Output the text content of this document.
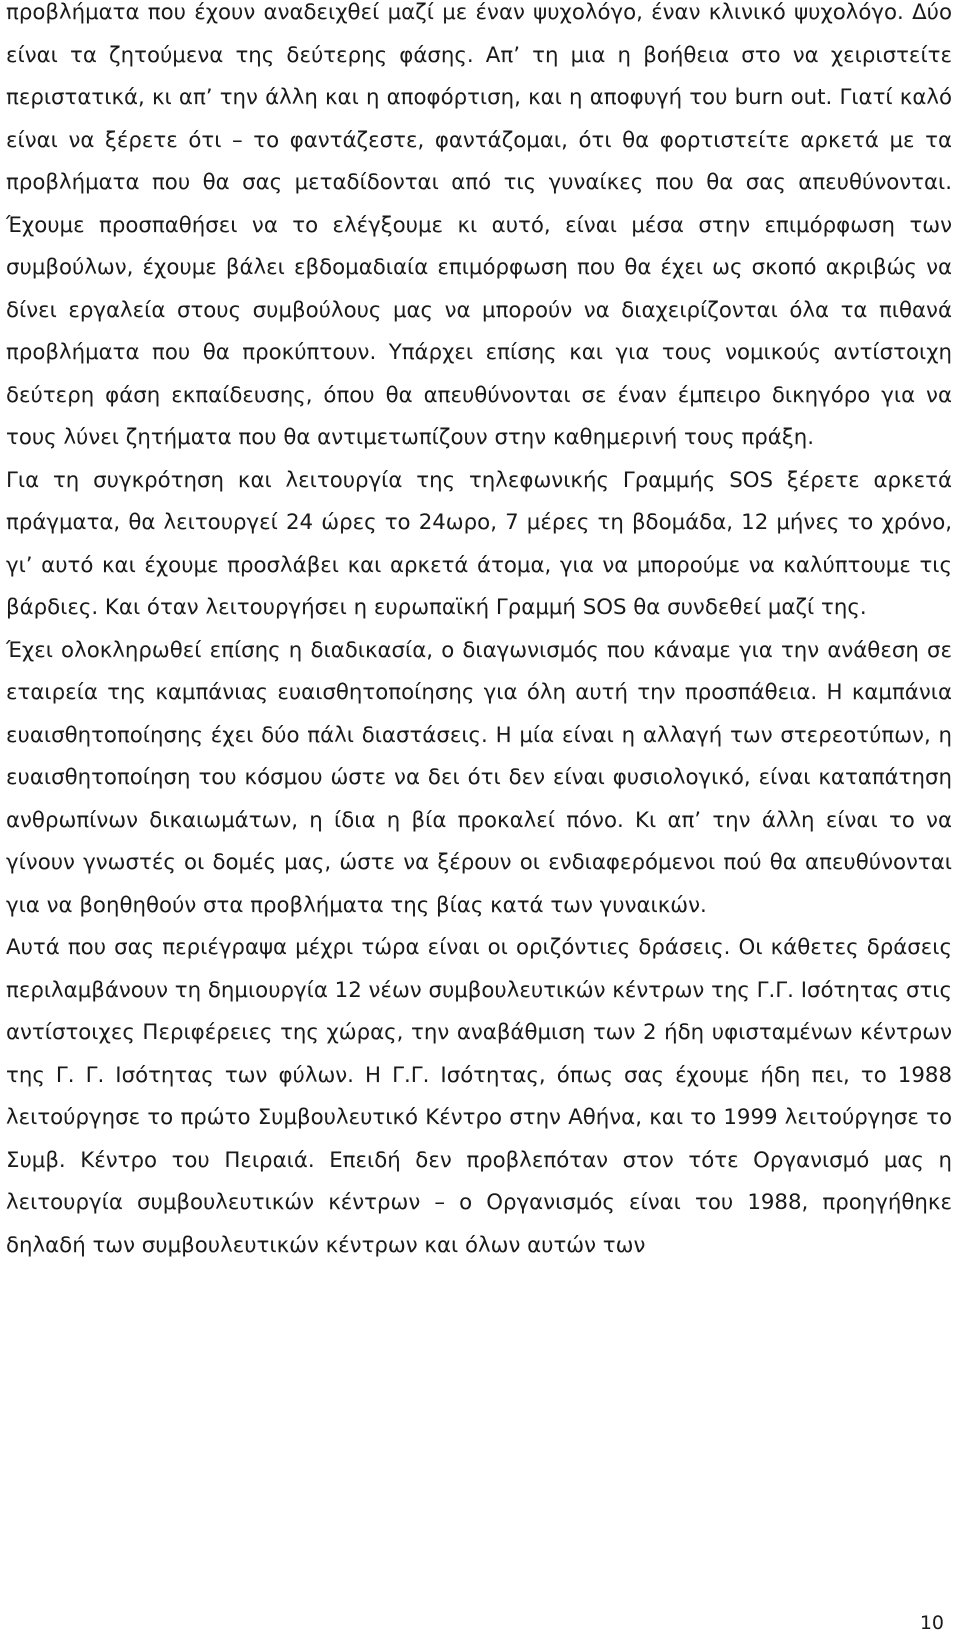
προβλήματα που έχουν αναδειχθεί μαζί με έναν ψυχολόγο, έναν κλινικό ψυχολόγο. Δύο είναι τα ζητούμενα της δεύτερης φάσης. Απ’ τη μια η βοήθεια στο να χειριστείτε περιστατικά, κι απ’ την άλλη και η αποφόρτιση, και η αποφυγή του burn out. Γιατί καλό είναι να ξέρετε ότι – το φαντάζεστε, φαντάζομαι, ότι θα φορτιστείτε αρκετά με τα προβλήματα που θα σας μεταδίδονται από τις γυναίκες που θα σας απευθύνονται. Έχουμε προσπαθήσει να το ελέγξουμε κι αυτό, είναι μέσα στην επιμόρφωση των συμβούλων, έχουμε βάλει εβδομαδιαία επιμόρφωση που θα έχει ως σκοπό ακριβώς να δίνει εργαλεία στους συμβούλους μας να μπορούν να διαχειρίζονται όλα τα πιθανά προβλήματα που θα προκύπτουν. Υπάρχει επίσης και για τους νομικούς αντίστοιχη δεύτερη φάση εκπαίδευσης, όπου θα απευθύνονται σε έναν έμπειρο δικηγόρο για να τους λύνει ζητήματα που θα αντιμετωπίζουν στην καθημερινή τους πράξη.

Για τη συγκρότηση και λειτουργία της τηλεφωνικής Γραμμής SOS ξέρετε αρκετά πράγματα, θα λειτουργεί 24 ώρες το 24ωρο, 7 μέρες τη βδομάδα, 12 μήνες το χρόνο, γι’ αυτό και έχουμε προσλάβει και αρκετά άτομα, για να μπορούμε να καλύπτουμε τις βάρδιες. Και όταν λειτουργήσει η ευρωπαϊκή Γραμμή SOS θα συνδεθεί μαζί της.

Έχει ολοκληρωθεί επίσης η διαδικασία, ο διαγωνισμός που κάναμε για την ανάθεση σε εταιρεία της καμπάνιας ευαισθητοποίησης για όλη αυτή την προσπάθεια. Η καμπάνια ευαισθητοποίησης έχει δύο πάλι διαστάσεις. Η μία είναι η αλλαγή των στερεοτύπων, η ευαισθητοποίηση του κόσμου ώστε να δει ότι δεν είναι φυσιολογικό, είναι καταπάτηση ανθρωπίνων δικαιωμάτων, η ίδια η βία προκαλεί πόνο. Κι απ’ την άλλη είναι το να γίνουν γνωστές οι δομές μας, ώστε να ξέρουν οι ενδιαφερόμενοι πού θα απευθύνονται για να βοηθηθούν στα προβλήματα της βίας κατά των γυναικών.

Αυτά που σας περιέγραψα μέχρι τώρα είναι οι οριζόντιες δράσεις. Οι κάθετες δράσεις περιλαμβάνουν τη δημιουργία 12 νέων συμβουλευτικών κέντρων της Γ.Γ. Ισότητας στις αντίστοιχες Περιφέρειες της χώρας, την αναβάθμιση των 2 ήδη υφισταμένων κέντρων της Γ. Γ. Ισότητας των φύλων. Η Γ.Γ. Ισότητας, όπως σας έχουμε ήδη πει, το 1988 λειτούργησε το πρώτο Συμβουλευτικό Κέντρο στην Αθήνα, και το 1999 λειτούργησε το Συμβ. Κέντρο του Πειραιά. Επειδή δεν προβλεπόταν στον τότε Οργανισμό μας η λειτουργία συμβουλευτικών κέντρων – ο Οργανισμός είναι του 1988, προηγήθηκε δηλαδή των συμβουλευτικών κέντρων και όλων αυτών των

10
